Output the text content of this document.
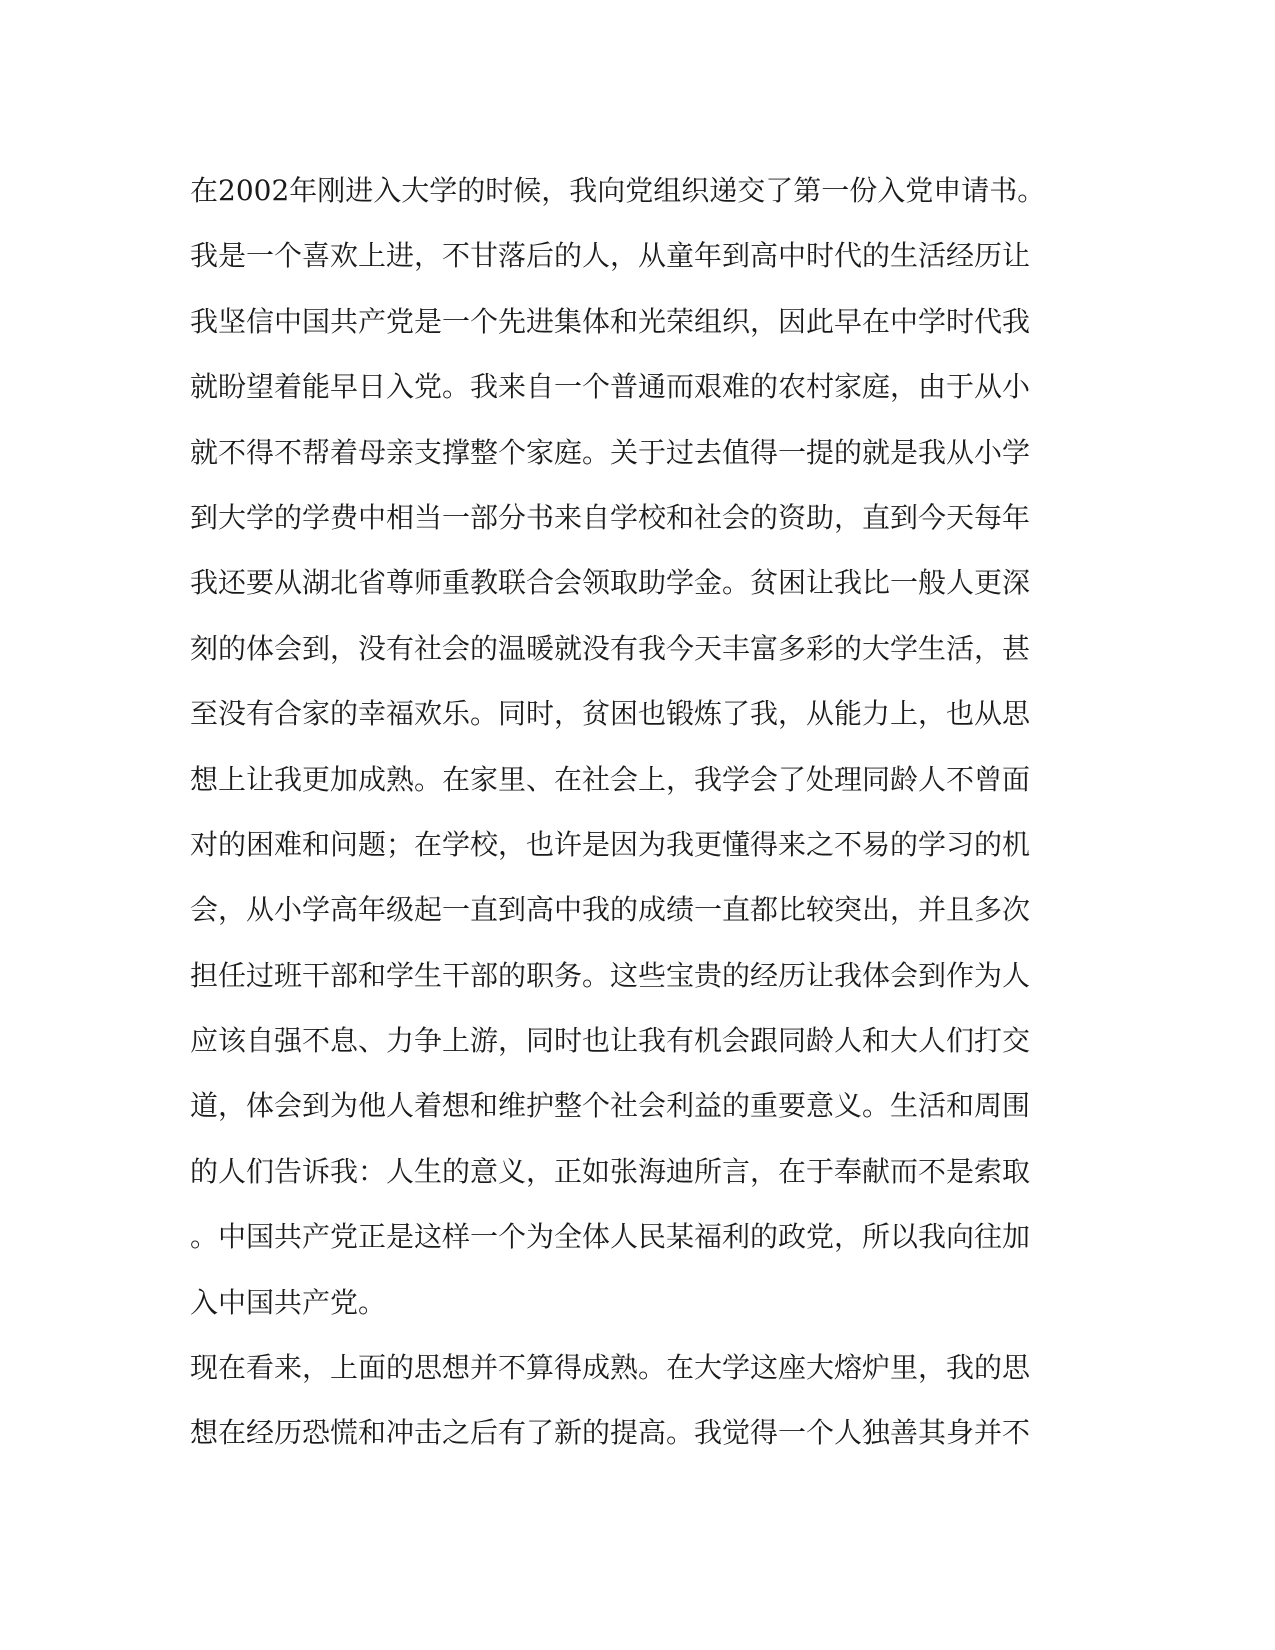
在2002年刚进入大学的时候，我向党组织递交了第一份入党申请书。
我是一个喜欢上进，不甘落后的人，从童年到高中时代的生活经历让
我坚信中国共产党是一个先进集体和光荣组织，因此早在中学时代我
就盼望着能早日入党。我来自一个普通而艰难的农村家庭，由于从小
就不得不帮着母亲支撑整个家庭。关于过去值得一提的就是我从小学
到大学的学费中相当一部分书来自学校和社会的资助，直到今天每年
我还要从湖北省尊师重教联合会领取助学金。贫困让我比一般人更深
刻的体会到，没有社会的温暖就没有我今天丰富多彩的大学生活，甚
至没有合家的幸福欢乐。同时，贫困也锻炼了我，从能力上，也从思
想上让我更加成熟。在家里、在社会上，我学会了处理同龄人不曾面
对的困难和问题；在学校，也许是因为我更懂得来之不易的学习的机
会，从小学高年级起一直到高中我的成绩一直都比较突出，并且多次
担任过班干部和学生干部的职务。这些宝贵的经历让我体会到作为人
应该自强不息、力争上游，同时也让我有机会跟同龄人和大人们打交
道，体会到为他人着想和维护整个社会利益的重要意义。生活和周围
的人们告诉我：人生的意义，正如张海迪所言，在于奉献而不是索取
。中国共产党正是这样一个为全体人民某福利的政党，所以我向往加
入中国共产党。
现在看来，上面的思想并不算得成熟。在大学这座大熔炉里，我的思
想在经历恐慌和冲击之后有了新的提高。我觉得一个人独善其身并不
